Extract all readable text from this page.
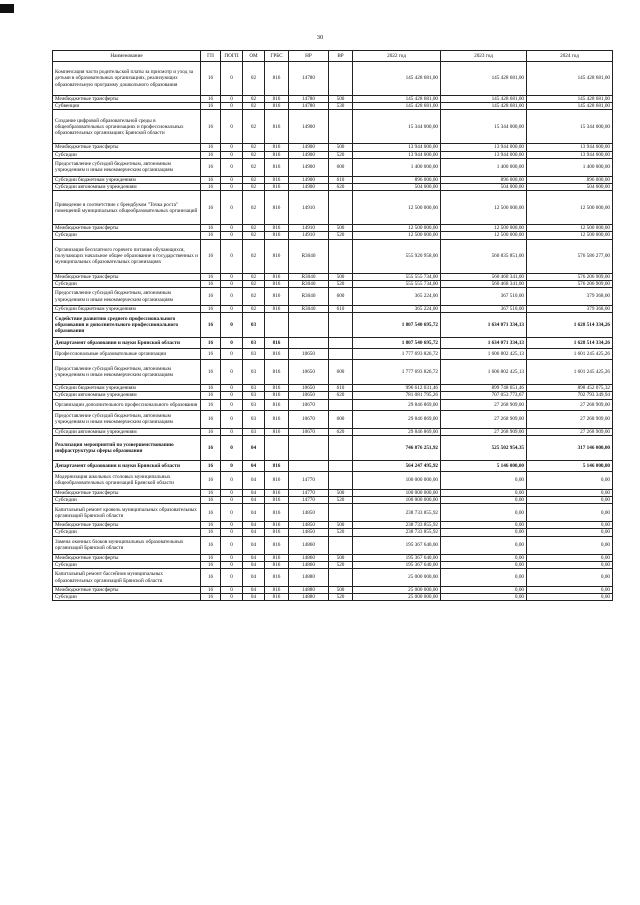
30
Наименование	ГП	ПОГП	ОМ	ГРБС	НР	ВР	2022 год	2023 год	2024 год
Компенсация части родительской платы за присмотр и уход за детьми в образовательных организациях, реализующих образовательную программу дошкольного образования	16	0	02	816	14780		145 428 681,00	145 428 681,00	145 428 681,00
Межбюджетные трансферты	16	0	02	816	14780	500	145 428 681,00	145 428 681,00	145 428 681,00
Субвенции	16	0	02	816	14780	530	145 428 681,00	145 428 681,00	145 428 681,00
Создание цифровой образовательной среды в общеобразовательных организациях и профессиональных образовательных организациях Брянской области	16	0	02	816	14900		15 344 000,00	15 344 000,00	15 344 000,00
Межбюджетные трансферты	16	0	02	816	14900	500	13 944 000,00	13 944 000,00	13 944 000,00
Субсидии	16	0	02	816	14900	520	13 944 000,00	13 944 000,00	13 944 000,00
Предоставление субсидий бюджетным, автономным учреждениям и иным некоммерческим организациям	16	0	02	816	14900	600	1 400 000,00	1 400 000,00	1 400 000,00
Субсидии бюджетным учреждениям	16	0	02	816	14900	610	896 000,00	896 000,00	896 000,00
Субсидии автономным учреждениям	16	0	02	816	14900	620	504 000,00	504 000,00	504 000,00
Приведение в соответствие с брендбуком "Точка роста" помещений муниципальных общеобразовательных организаций	16	0	02	816	14910		12 500 000,00	12 500 000,00	12 500 000,00
Межбюджетные трансферты	16	0	02	816	14910	500	12 500 000,00	12 500 000,00	12 500 000,00
Субсидии	16	0	02	816	14910	520	12 500 000,00	12 500 000,00	12 500 000,00
Организация бесплатного горячего питания обучающихся, получающих начальное общее образование в государственных и муниципальных образовательных организациях	16	0	02	816	R3040		555 920 958,00	560 835 851,00	576 586 277,00
Межбюджетные трансферты	16	0	02	816	R3040	500	555 555 734,00	560 468 341,00	576 206 909,00
Субсидии	16	0	02	816	R3040	520	555 555 734,00	560 468 341,00	576 206 909,00
Предоставление субсидий бюджетным, автономным учреждениям и иным некоммерческим организациям	16	0	02	816	R3040	600	365 224,00	367 510,00	379 368,00
Субсидии бюджетным учреждениям	16	0	02	816	R3040	610	365 224,00	367 510,00	379 368,00
Содействие развитию среднего профессионального образования и дополнительного профессионального образования	16	0	03				1 807 540 695,72	1 634 071 334,13	1 628 514 334,26
Департамент образования и науки Брянской области	16	0	03	816			1 807 540 695,72	1 634 071 334,13	1 628 514 334,26
Профессиональные образовательные организации	16	0	03	816	10650		1 777 693 826,72	1 606 802 425,13	1 601 245 425,26
Предоставление субсидий бюджетным, автономным учреждениям и иным некоммерческим организациям	16	0	03	816	10650	600	1 777 693 826,72	1 606 802 425,13	1 601 245 425,26
Субсидии бюджетным учреждениям	16	0	03	816	10650	610	996 612 031,46	899 748 651,46	898 452 075,32
Субсидии автономным учреждениям	16	0	03	816	10650	620	781 081 795,26	707 053 773,67	702 793 349,94
Организации дополнительного профессионального образования	16	0	03	816	10670		29 846 869,00	27 268 909,00	27 268 909,00
Предоставление субсидий бюджетным, автономным учреждениям и иным некоммерческим организациям	16	0	03	816	10670	600	29 846 869,00	27 268 909,00	27 268 909,00
Субсидии автономным учреждениям	16	0	03	816	10670	620	29 846 869,00	27 268 909,00	27 268 909,00
Реализация мероприятий по усовершенствованию инфраструктуры сферы образования	16	0	04				746 876 251,92	525 502 954,35	317 146 000,00
Департамент образования и науки Брянской области	16	0	04	816			564 247 495,92	5 146 000,00	5 146 000,00
Модернизация школьных столовых муниципальных общеобразовательных организаций Брянской области	16	0	04	816	14770		100 000 000,00	0,00	0,00
Межбюджетные трансферты	16	0	04	816	14770	500	100 000 000,00	0,00	0,00
Субсидии	16	0	04	816	14770	520	100 000 000,00	0,00	0,00
Капитальный ремонт кровель муниципальных образовательных организаций Брянской области	16	0	04	816	14850		238 733 855,92	0,00	0,00
Межбюджетные трансферты	16	0	04	816	14850	500	238 733 855,92	0,00	0,00
Субсидии	16	0	04	816	14850	520	238 733 855,92	0,00	0,00
Замена оконных блоков муниципальных образовательных организаций Брянской области	16	0	04	816	14860		195 367 640,00	0,00	0,00
Межбюджетные трансферты	16	0	04	816	14860	500	195 367 640,00	0,00	0,00
Субсидии	16	0	04	816	14860	520	195 367 640,00	0,00	0,00
Капитальный ремонт бассейнов муниципальных образовательных организаций Брянской области	16	0	04	816	14880		25 000 000,00	0,00	0,00
Межбюджетные трансферты	16	0	04	816	14880	500	25 000 000,00	0,00	0,00
Субсидии	16	0	04	816	14880	520	25 000 000,00	0,00	0,00
